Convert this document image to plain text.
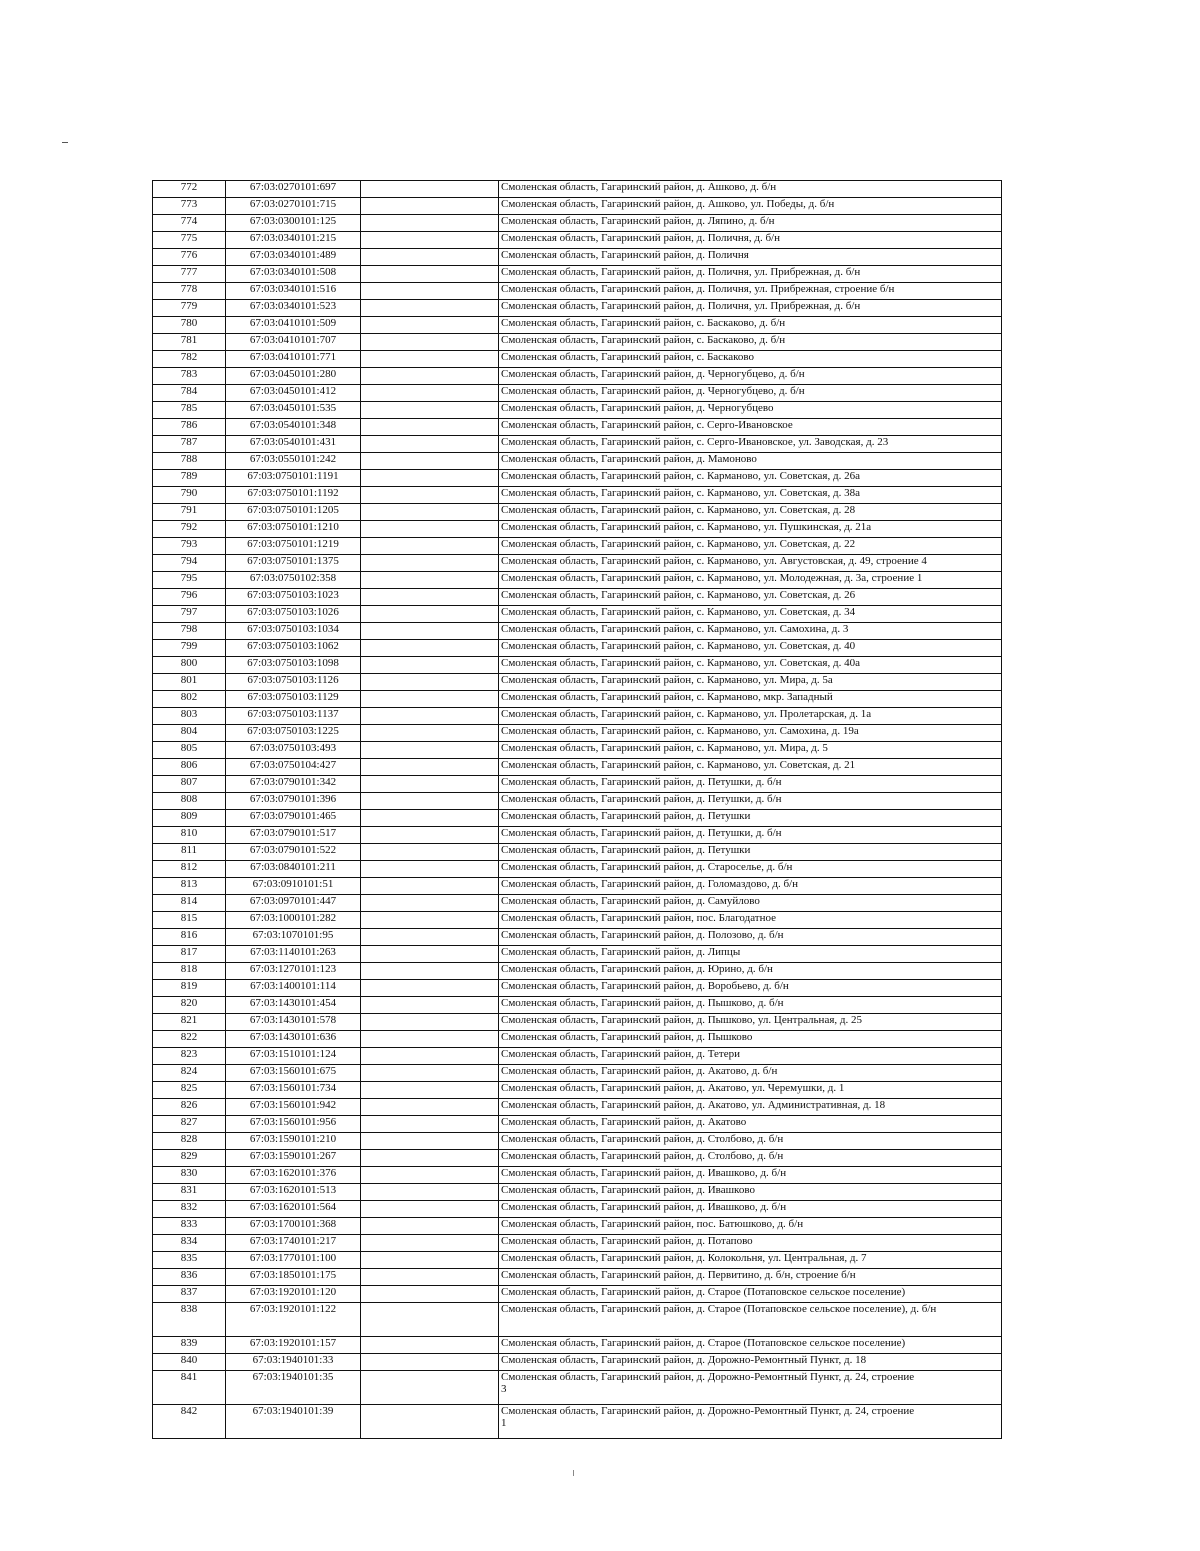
772	67:03:0270101:697		Смоленская область, Гагаринский район, д. Ашково, д. б/н
773	67:03:0270101:715		Смоленская область, Гагаринский район, д. Ашково, ул. Победы, д. б/н
774	67:03:0300101:125		Смоленская область, Гагаринский район, д. Ляпино, д. б/н
775	67:03:0340101:215		Смоленская область, Гагаринский район, д. Поличня, д. б/н
776	67:03:0340101:489		Смоленская область, Гагаринский район, д. Поличня
777	67:03:0340101:508		Смоленская область, Гагаринский район, д. Поличня, ул. Прибрежная, д. б/н
778	67:03:0340101:516		Смоленская область, Гагаринский район, д. Поличня, ул. Прибрежная, строение б/н
779	67:03:0340101:523		Смоленская область, Гагаринский район, д. Поличня, ул. Прибрежная, д. б/н
780	67:03:0410101:509		Смоленская область, Гагаринский район, с. Баскаково, д. б/н
781	67:03:0410101:707		Смоленская область, Гагаринский район, с. Баскаково, д. б/н
782	67:03:0410101:771		Смоленская область, Гагаринский район, с. Баскаково
783	67:03:0450101:280		Смоленская область, Гагаринский район, д. Черногубцево, д. б/н
784	67:03:0450101:412		Смоленская область, Гагаринский район, д. Черногубцево, д. б/н
785	67:03:0450101:535		Смоленская область, Гагаринский район, д. Черногубцево
786	67:03:0540101:348		Смоленская область, Гагаринский район, с. Серго-Ивановское
787	67:03:0540101:431		Смоленская область, Гагаринский район, с. Серго-Ивановское, ул. Заводская, д. 23
788	67:03:0550101:242		Смоленская область, Гагаринский район, д. Мамоново
789	67:03:0750101:1191		Смоленская область, Гагаринский район, с. Карманово, ул. Советская, д. 26а
790	67:03:0750101:1192		Смоленская область, Гагаринский район, с. Карманово, ул. Советская, д. 38а
791	67:03:0750101:1205		Смоленская область, Гагаринский район, с. Карманово, ул. Советская, д. 28
792	67:03:0750101:1210		Смоленская область, Гагаринский район, с. Карманово, ул. Пушкинская, д. 21а
793	67:03:0750101:1219		Смоленская область, Гагаринский район, с. Карманово, ул. Советская, д. 22
794	67:03:0750101:1375		Смоленская область, Гагаринский район, с. Карманово, ул. Августовская, д. 49, строение 4
795	67:03:0750102:358		Смоленская область, Гагаринский район, с. Карманово, ул. Молодежная, д. 3а, строение 1
796	67:03:0750103:1023		Смоленская область, Гагаринский район, с. Карманово, ул. Советская, д. 26
797	67:03:0750103:1026		Смоленская область, Гагаринский район, с. Карманово, ул. Советская, д. 34
798	67:03:0750103:1034		Смоленская область, Гагаринский район, с. Карманово, ул. Самохина, д. 3
799	67:03:0750103:1062		Смоленская область, Гагаринский район, с. Карманово, ул. Советская, д. 40
800	67:03:0750103:1098		Смоленская область, Гагаринский район, с. Карманово, ул. Советская, д. 40а
801	67:03:0750103:1126		Смоленская область, Гагаринский район, с. Карманово, ул. Мира, д. 5а
802	67:03:0750103:1129		Смоленская область, Гагаринский район, с. Карманово, мкр. Западный
803	67:03:0750103:1137		Смоленская область, Гагаринский район, с. Карманово, ул. Пролетарская, д. 1а
804	67:03:0750103:1225		Смоленская область, Гагаринский район, с. Карманово, ул. Самохина, д. 19а
805	67:03:0750103:493		Смоленская область, Гагаринский район, с. Карманово, ул. Мира, д. 5
806	67:03:0750104:427		Смоленская область, Гагаринский район, с. Карманово, ул. Советская, д. 21
807	67:03:0790101:342		Смоленская область, Гагаринский район, д. Петушки, д. б/н
808	67:03:0790101:396		Смоленская область, Гагаринский район, д. Петушки, д. б/н
809	67:03:0790101:465		Смоленская область, Гагаринский район, д. Петушки
810	67:03:0790101:517		Смоленская область, Гагаринский район, д. Петушки, д. б/н
811	67:03:0790101:522		Смоленская область, Гагаринский район, д. Петушки
812	67:03:0840101:211		Смоленская область, Гагаринский район, д. Староселье, д. б/н
813	67:03:0910101:51		Смоленская область, Гагаринский район, д. Голомаздово, д. б/н
814	67:03:0970101:447		Смоленская область, Гагаринский район, д. Самуйлово
815	67:03:1000101:282		Смоленская область, Гагаринский район, пос. Благодатное
816	67:03:1070101:95		Смоленская область, Гагаринский район, д. Полозово, д. б/н
817	67:03:1140101:263		Смоленская область, Гагаринский район, д. Липцы
818	67:03:1270101:123		Смоленская область, Гагаринский район, д. Юрино, д. б/н
819	67:03:1400101:114		Смоленская область, Гагаринский район, д. Воробьево, д. б/н
820	67:03:1430101:454		Смоленская область, Гагаринский район, д. Пышково, д. б/н
821	67:03:1430101:578		Смоленская область, Гагаринский район, д. Пышково, ул. Центральная, д. 25
822	67:03:1430101:636		Смоленская область, Гагаринский район, д. Пышково
823	67:03:1510101:124		Смоленская область, Гагаринский район, д. Тетери
824	67:03:1560101:675		Смоленская область, Гагаринский район, д. Акатово, д. б/н
825	67:03:1560101:734		Смоленская область, Гагаринский район, д. Акатово, ул. Черемушки, д. 1
826	67:03:1560101:942		Смоленская область, Гагаринский район, д. Акатово, ул. Административная, д. 18
827	67:03:1560101:956		Смоленская область, Гагаринский район, д. Акатово
828	67:03:1590101:210		Смоленская область, Гагаринский район, д. Столбово, д. б/н
829	67:03:1590101:267		Смоленская область, Гагаринский район, д. Столбово, д. б/н
830	67:03:1620101:376		Смоленская область, Гагаринский район, д. Ивашково, д. б/н
831	67:03:1620101:513		Смоленская область, Гагаринский район, д. Ивашково
832	67:03:1620101:564		Смоленская область, Гагаринский район, д. Ивашково, д. б/н
833	67:03:1700101:368		Смоленская область, Гагаринский район, пос. Батюшково, д. б/н
834	67:03:1740101:217		Смоленская область, Гагаринский район, д. Потапово
835	67:03:1770101:100		Смоленская область, Гагаринский район, д. Колокольня, ул. Центральная, д. 7
836	67:03:1850101:175		Смоленская область, Гагаринский район, д. Первитино, д. б/н, строение б/н
837	67:03:1920101:120		Смоленская область, Гагаринский район, д. Старое (Потаповское сельское поселение)
838	67:03:1920101:122		Смоленская область, Гагаринский район, д. Старое (Потаповское сельское поселение), д. б/н
839	67:03:1920101:157		Смоленская область, Гагаринский район, д. Старое (Потаповское сельское поселение)
840	67:03:1940101:33		Смоленская область, Гагаринский район, д. Дорожно-Ремонтный Пункт, д. 18
841	67:03:1940101:35		Смоленская область, Гагаринский район, д. Дорожно-Ремонтный Пункт, д. 24, строение 3
842	67:03:1940101:39		Смоленская область, Гагаринский район, д. Дорожно-Ремонтный Пункт, д. 24, строение 1
